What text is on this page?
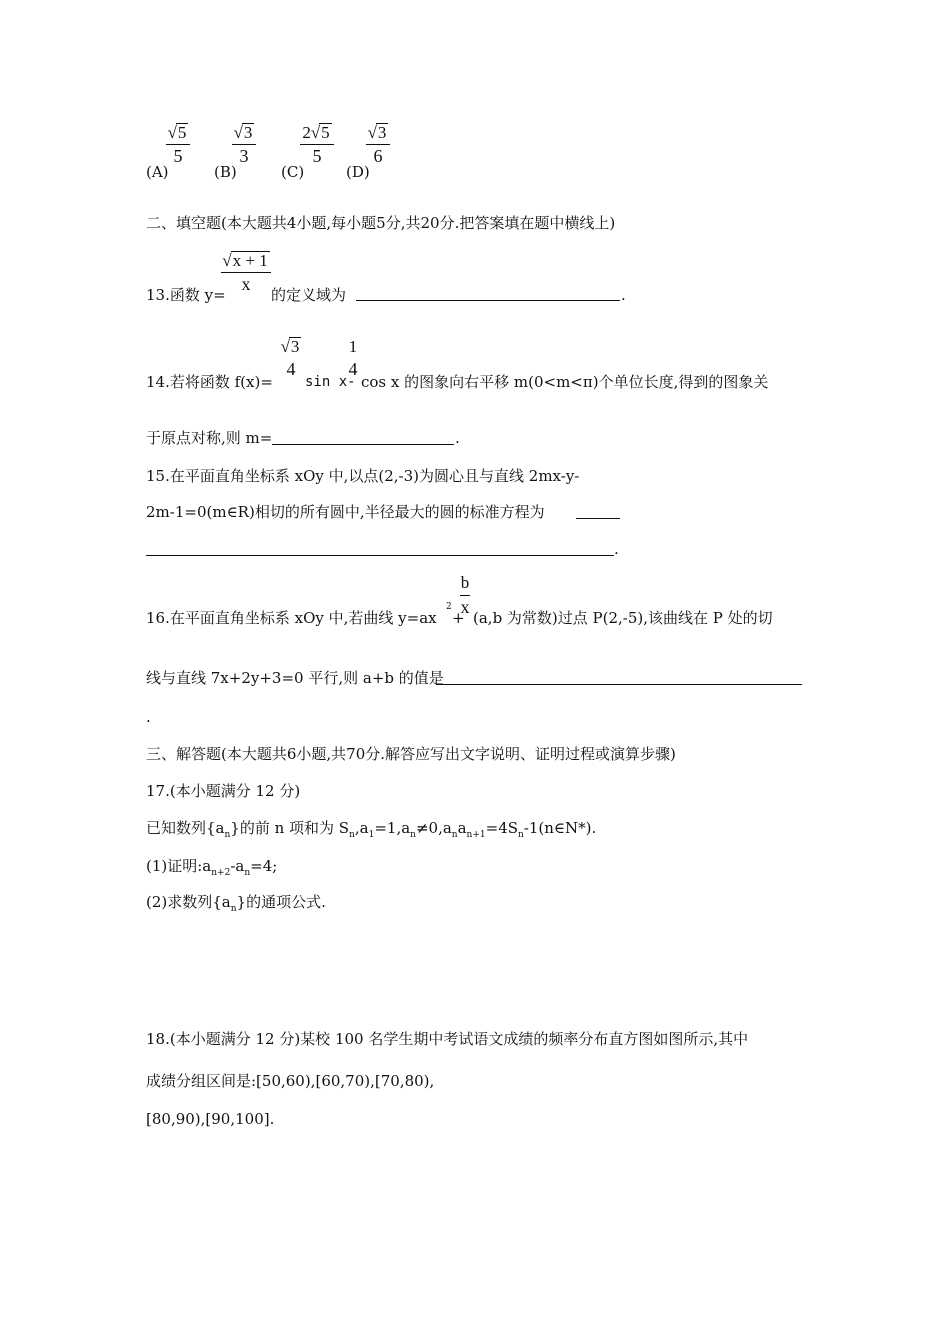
(A)
√5
5
(B)
√3
3
(C)
2√5
5
(D)
√3
6
二、填空题(本大题共4小题,每小题5分,共20分.把答案填在题中横线上)
13.函数 y=
√x + 1
x
的定义域为	.
14.若将函数 f(x)=
√3
4
sin x-
1
4
cos x 的图象向右平移 m(0<m<π)个单位长度,得到的图象关
于原点对称,则 m=	.
15.在平面直角坐标系 xOy 中,以点(2,-3)为圆心且与直线 2mx-y-
2m-1=0(m∈R)相切的所有圆中,半径最大的圆的标准方程为
.
16.在平面直角坐标系 xOy 中,若曲线 y=ax
2
+
b
x
(a,b 为常数)过点 P(2,-5),该曲线在 P 处的切
线与直线 7x+2y+3=0 平行,则 a+b 的值是
.
三、解答题(本大题共6小题,共70分.解答应写出文字说明、证明过程或演算步骤)
17.(本小题满分 12 分)
已知数列$\{a_n\}$的前 n 项和为 $S_n,a_1=1,a_n\ne 0,a_na_{n+1}=4S_n-1(n\in N*)$.
(1)证明$:a_{n+2}-a_n=4$;
(2)求数列$\{a_n\}$的通项公式.
18.(本小题满分 12 分)某校 100 名学生期中考试语文成绩的频率分布直方图如图所示,其中
成绩分组区间是:[50,60),[60,70),[70,80),
[80,90),[90,100].
